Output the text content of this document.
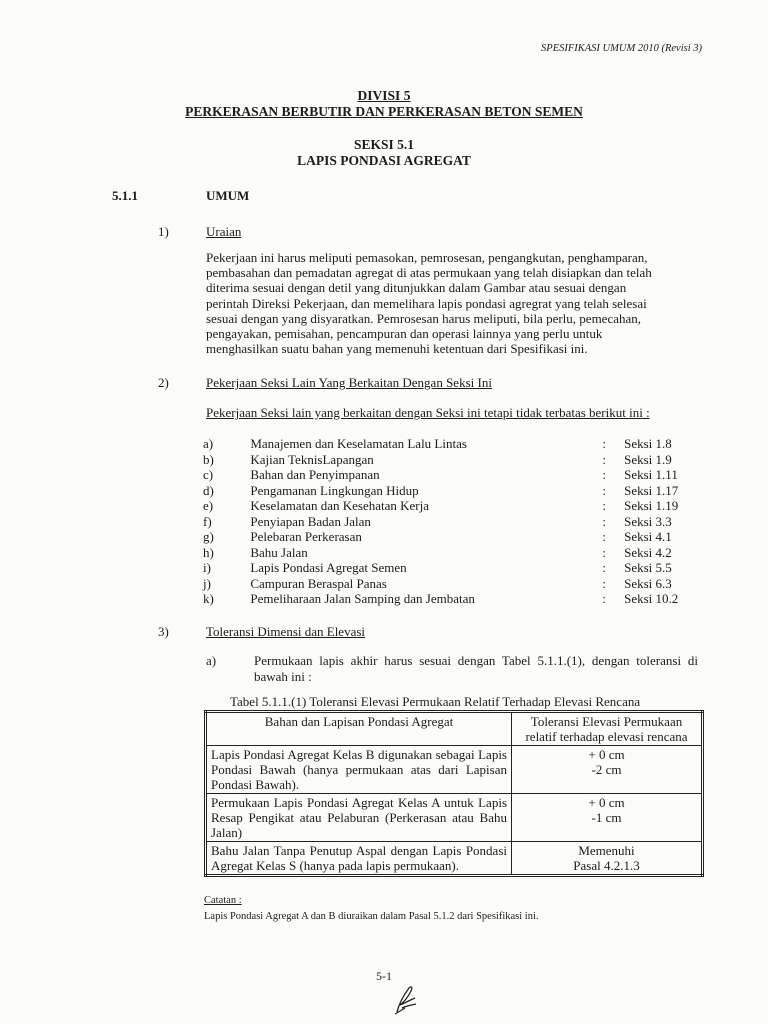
SPESIFIKASI UMUM 2010 (Revisi 3)
DIVISI 5
PERKERASAN BERBUTIR DAN PERKERASAN BETON SEMEN
SEKSI 5.1
LAPIS PONDASI AGREGAT
5.1.1	UMUM
1)	Uraian
Pekerjaan ini harus meliputi pemasokan, pemrosesan, pengangkutan, penghamparan,
pembasahan dan pemadatan agregat di atas permukaan yang telah disiapkan dan telah
diterima sesuai dengan detil yang ditunjukkan dalam Gambar atau sesuai dengan
perintah Direksi Pekerjaan, dan memelihara lapis pondasi agregrat yang telah selesai
sesuai dengan yang disyaratkan. Pemrosesan harus meliputi, bila perlu, pemecahan,
pengayakan, pemisahan, pencampuran dan operasi lainnya yang perlu untuk
menghasilkan suatu bahan yang memenuhi ketentuan dari Spesifikasi ini.
2)	Pekerjaan Seksi Lain Yang Berkaitan Dengan Seksi Ini
Pekerjaan Seksi lain yang berkaitan dengan Seksi ini tetapi tidak terbatas berikut ini :
a)	Manajemen dan Keselamatan Lalu Lintas	:	Seksi 1.8
b)	Kajian TeknisLapangan	:	Seksi 1.9
c)	Bahan dan Penyimpanan	:	Seksi 1.11
d)	Pengamanan Lingkungan Hidup	:	Seksi 1.17
e)	Keselamatan dan Kesehatan Kerja	:	Seksi 1.19
f)	Penyiapan Badan Jalan	:	Seksi 3.3
g)	Pelebaran Perkerasan	:	Seksi 4.1
h)	Bahu Jalan	:	Seksi 4.2
i)	Lapis Pondasi Agregat Semen	:	Seksi 5.5
j)	Campuran Beraspal Panas	:	Seksi 6.3
k)	Pemeliharaan Jalan Samping dan Jembatan	:	Seksi 10.2
3)	Toleransi Dimensi dan Elevasi
a)	Permukaan lapis akhir harus sesuai dengan Tabel 5.1.1.(1), dengan toleransi di bawah ini :
Tabel 5.1.1.(1) Toleransi Elevasi Permukaan Relatif Terhadap Elevasi Rencana
Bahan dan Lapisan Pondasi Agregat	Toleransi Elevasi Permukaan relatif terhadap elevasi rencana
Lapis Pondasi Agregat Kelas B digunakan sebagai Lapis Pondasi Bawah (hanya permukaan atas dari Lapisan Pondasi Bawah).	+ 0 cm
-2 cm

Permukaan Lapis Pondasi Agregat Kelas A untuk Lapis Resap Pengikat atau Pelaburan (Perkerasan atau Bahu Jalan)	+ 0 cm
-1 cm

Bahu Jalan Tanpa Penutup Aspal dengan Lapis Pondasi Agregat Kelas S (hanya pada lapis permukaan).	Memenuhi
Pasal 4.2.1.3
Catatan :
Lapis Pondasi Agregat A dan B diuraikan dalam Pasal 5.1.2 dari Spesifikasi ini.
5-1
